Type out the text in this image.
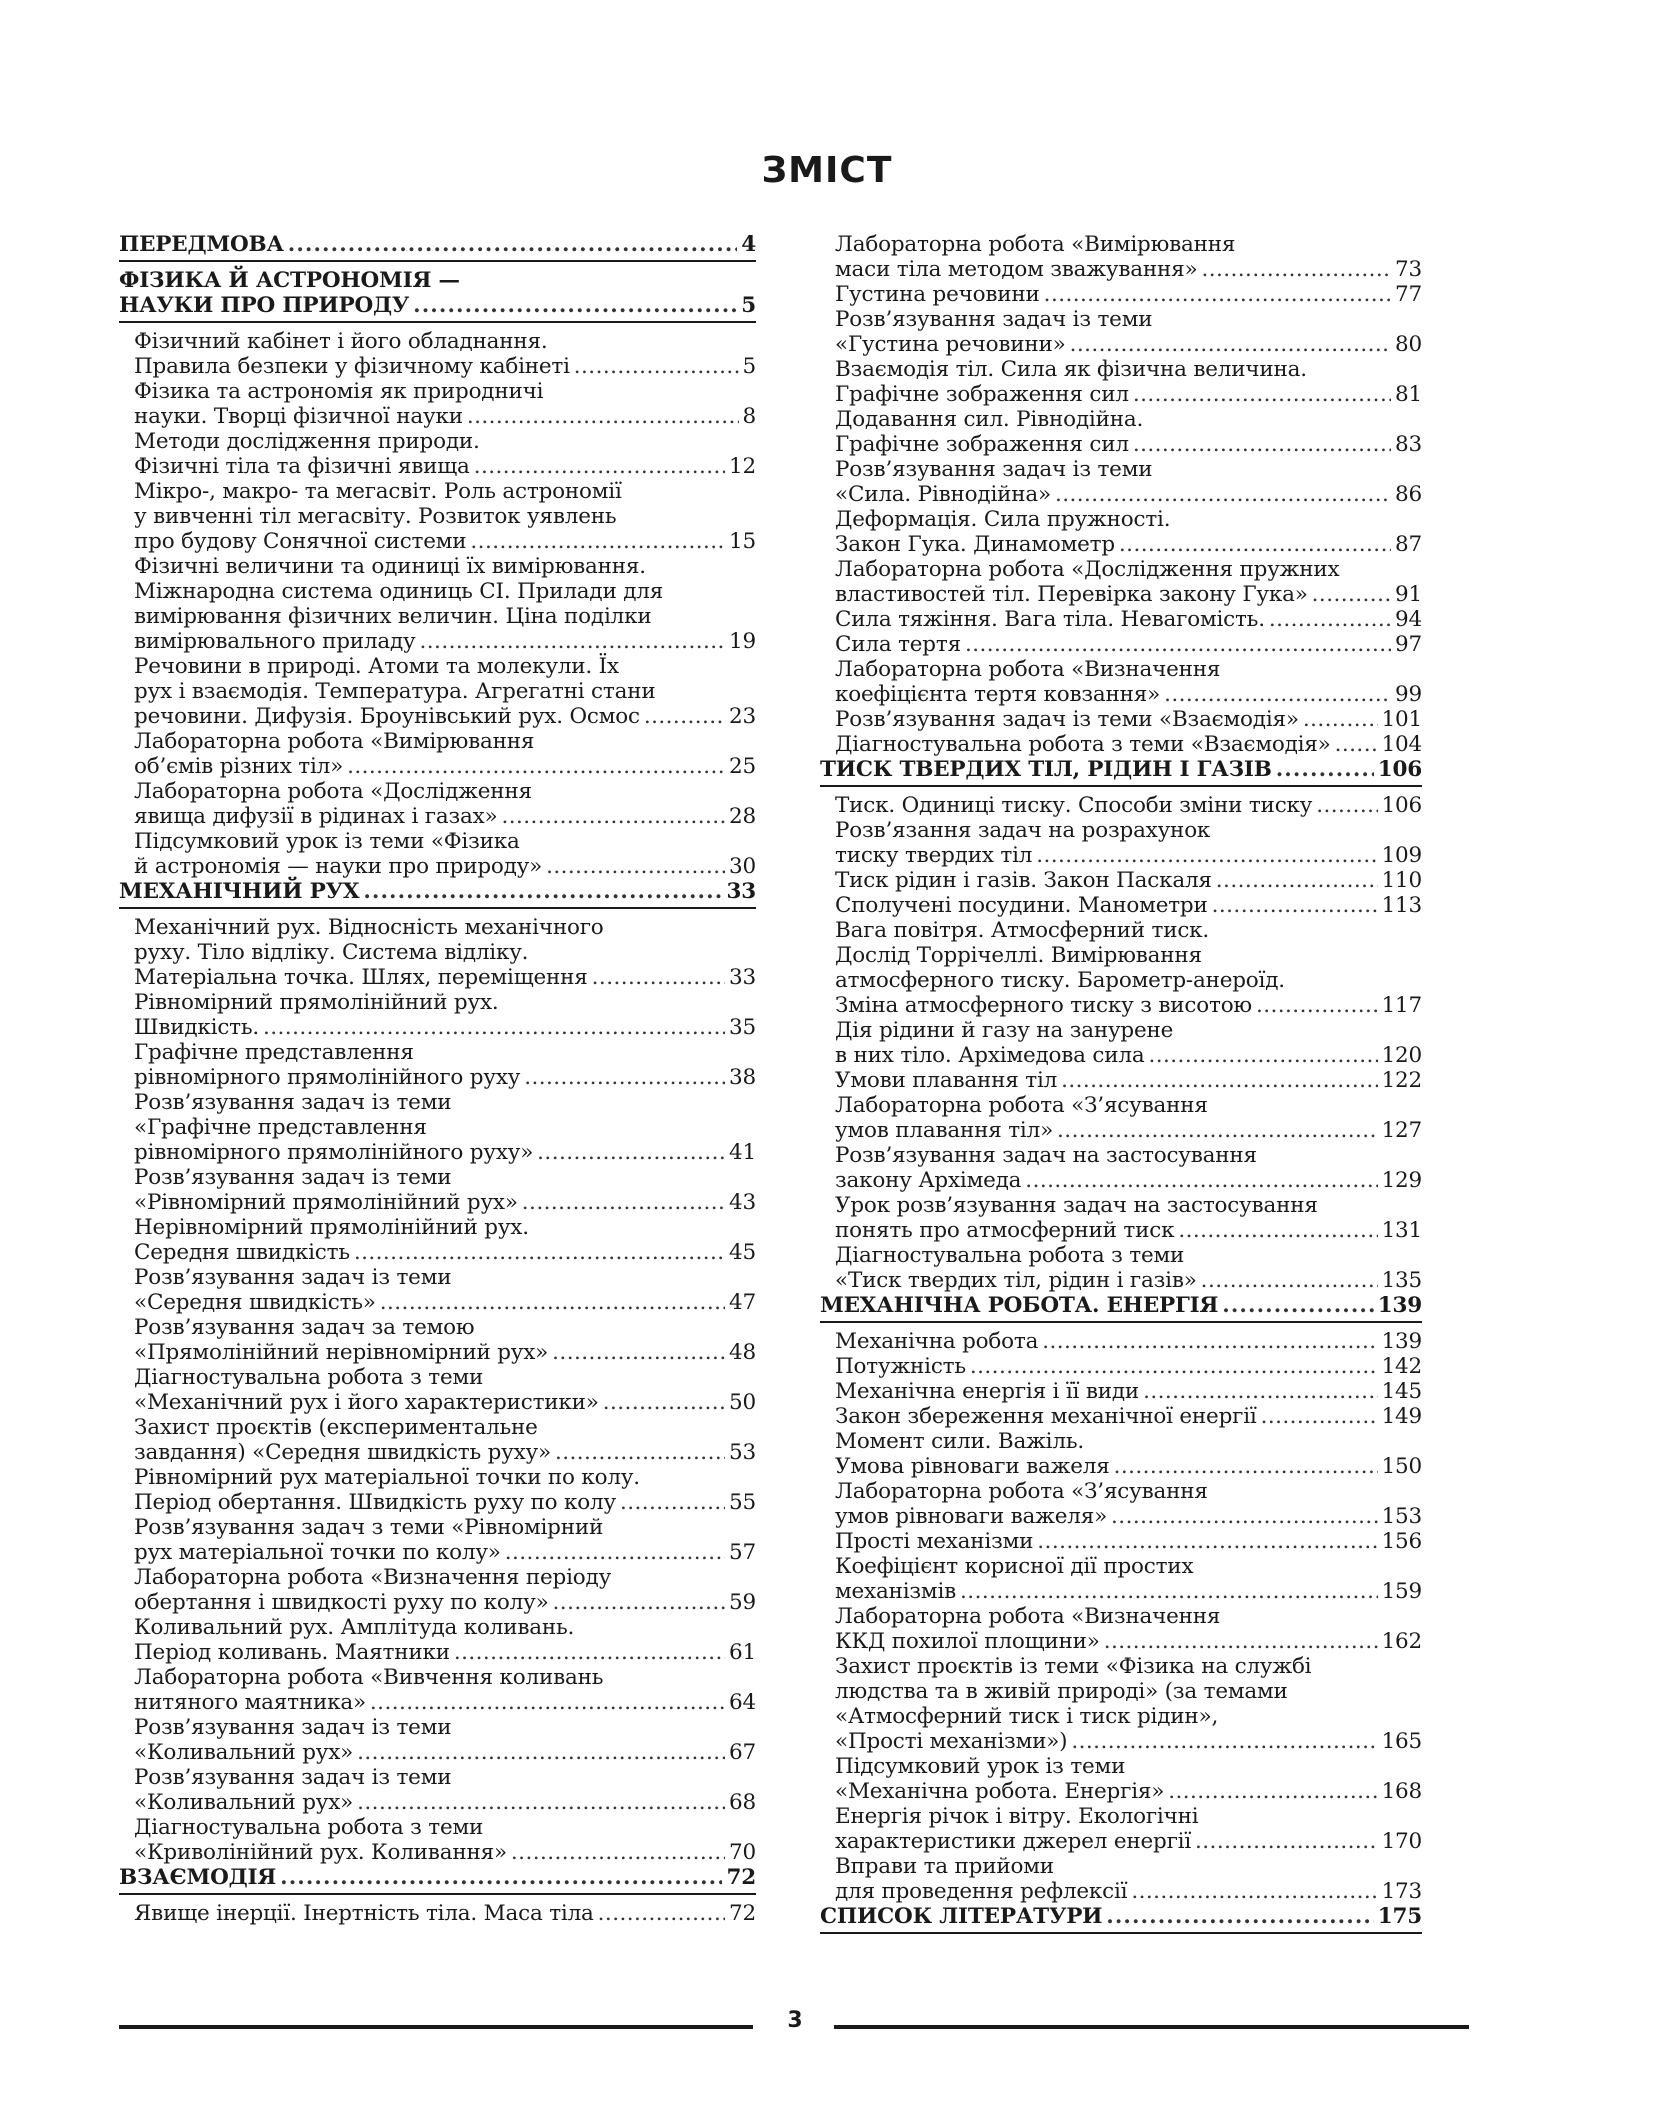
ЗМІСТ
ПЕРЕДМОВА . . .	4
ФІЗИКА Й АСТРОНОМІЯ —
НАУКИ ПРО ПРИРОДУ . . .	5
Фізичний кабінет і його обладнання.
Правила безпеки у фізичному кабінеті . . .	5
Фізика та астрономія як природничі
науки. Творці фізичної науки . . .	8
Методи дослідження природи.
Фізичні тіла та фізичні явища . . .	12
Мікро-, макро- та мегасвіт. Роль астрономії
у вивченні тіл мегасвіту. Розвиток уявлень
про будову Сонячної системи . . .	15
Фізичні величини та одиниці їх вимірювання.
Міжнародна система одиниць СІ. Прилади для
вимірювання фізичних величин. Ціна поділки
вимірювального приладу . . .	19
Речовини в природі. Атоми та молекули. Їх
рух і взаємодія. Температура. Агрегатні стани
речовини. Дифузія. Броунівський рух. Осмос . . .	23
Лабораторна робота «Вимірювання
об’ємів різних тіл» . . .	25
Лабораторна робота «Дослідження
явища дифузії в рідинах і газах» . . .	28
Підсумковий урок із теми «Фізика
й астрономія — науки про природу» . . .	30
МЕХАНІЧНИЙ РУХ . . .	33
Механічний рух. Відносність механічного
руху. Тіло відліку. Система відліку.
Матеріальна точка. Шлях, переміщення . . .	33
Рівномірний прямолінійний рух.
Швидкість. . . .	35
Графічне представлення
рівномірного прямолінійного руху . . .	38
Розв’язування задач із теми
«Графічне представлення
рівномірного прямолінійного руху» . . .	41
Розв’язування задач із теми
«Рівномірний прямолінійний рух» . . .	43
Нерівномірний прямолінійний рух.
Середня швидкість . . .	45
Розв’язування задач із теми
«Середня швидкість» . . .	47
Розв’язування задач за темою
«Прямолінійний нерівномірний рух» . . .	48
Діагностувальна робота з теми
«Механічний рух і його характеристики» . . .	50
Захист проєктів (експериментальне
завдання) «Середня швидкість руху» . . .	53
Рівномірний рух матеріальної точки по колу.
Період обертання. Швидкість руху по колу . . .	55
Розв’язування задач з теми «Рівномірний
рух матеріальної точки по колу» . . .	57
Лабораторна робота «Визначення періоду
обертання і швидкості руху по колу» . . .	59
Коливальний рух. Амплітуда коливань.
Період коливань. Маятники . . .	61
Лабораторна робота «Вивчення коливань
нитяного маятника» . . .	64
Розв’язування задач із теми
«Коливальний рух» . . .	67
Розв’язування задач із теми
«Коливальний рух» . . .	68
Діагностувальна робота з теми
«Криволінійний рух. Коливання» . . .	70
ВЗАЄМОДІЯ . . .	72
Явище інерції. Інертність тіла. Маса тіла . . .	72
Лабораторна робота «Вимірювання
маси тіла методом зважування» . . .	73
Густина речовини . . .	77
Розв’язування задач із теми
«Густина речовини» . . .	80
Взаємодія тіл. Сила як фізична величина.
Графічне зображення сил . . .	81
Додавання сил. Рівнодійна.
Графічне зображення сил . . .	83
Розв’язування задач із теми
«Сила. Рівнодійна» . . .	86
Деформація. Сила пружності.
Закон Гука. Динамометр . . .	87
Лабораторна робота «Дослідження пружних
властивостей тіл. Перевірка закону Гука» . . .	91
Сила тяжіння. Вага тіла. Невагомість. . . .	94
Сила тертя . . .	97
Лабораторна робота «Визначення
коефіцієнта тертя ковзання» . . .	99
Розв’язування задач із теми «Взаємодія» . . .	101
Діагностувальна робота з теми «Взаємодія» . . . 104
ТИСК ТВЕРДИХ ТІЛ, РІДИН І ГАЗІВ . . .	106
Тиск. Одиниці тиску. Способи зміни тиску . . .	106
Розв’язання задач на розрахунок
тиску твердих тіл . . .	109
Тиск рідин і газів. Закон Паскаля . . .	110
Сполучені посудини. Манометри . . .	113
Вага повітря. Атмосферний тиск.
Дослід Торрічеллі. Вимірювання
атмосферного тиску. Барометр-анероїд.
Зміна атмосферного тиску з висотою . . .	117
Дія рідини й газу на занурене
в них тіло. Архімедова сила . . .	120
Умови плавання тіл . . .	122
Лабораторна робота «З’ясування
умов плавання тіл» . . .	127
Розв’язування задач на застосування
закону Архімеда . . .	129
Урок розв’язування задач на застосування
понять про атмосферний тиск . . .	131
Діагностувальна робота з теми
«Тиск твердих тіл, рідин і газів» . . .	135
МЕХАНІЧНА РОБОТА. ЕНЕРГІЯ . . .	139
Механічна робота . . .	139
Потужність . . .	142
Механічна енергія і її види . . .	145
Закон збереження механічної енергії . . .	149
Момент сили. Важіль.
Умова рівноваги важеля . . .	150
Лабораторна робота «З’ясування
умов рівноваги важеля» . . .	153
Прості механізми . . .	156
Коефіцієнт корисної дії простих
механізмів . . .	159
Лабораторна робота «Визначення
ККД похилої площини» . . .	162
Захист проєктів із теми «Фізика на службі
людства та в живій природі» (за темами
«Атмосферний тиск і тиск рідин»,
«Прості механізми») . . .	165
Підсумковий урок із теми
«Механічна робота. Енергія» . . .	168
Енергія річок і вітру. Екологічні
характеристики джерел енергії . . .	170
Вправи та прийоми
для проведення рефлексії . . .	173
СПИСОК ЛІТЕРАТУРИ . . .	175
3
